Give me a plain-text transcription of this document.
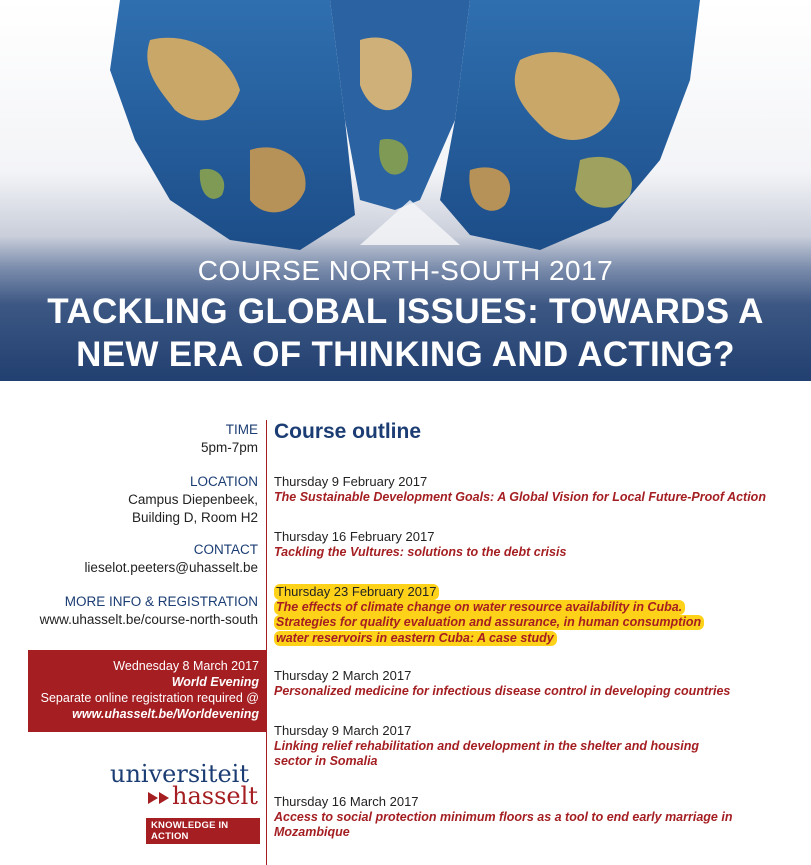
COURSE NORTH-SOUTH 2017
TACKLING GLOBAL ISSUES: TOWARDS A
NEW ERA OF THINKING AND ACTING?
TIME
5pm-7pm
LOCATION
Campus Diepenbeek,
Building D, Room H2
CONTACT
lieselot.peeters@uhasselt.be
MORE INFO & REGISTRATION
www.uhasselt.be/course-north-south
Wednesday 8 March 2017
World Evening
Separate online registration required @
www.uhasselt.be/Worldevening
universiteit
hasselt
KNOWLEDGE IN ACTION
Course outline
Thursday 9 February 2017
The Sustainable Development Goals: A Global Vision for Local Future-Proof Action
Thursday 16 February 2017
Tackling the Vultures: solutions to the debt crisis
Thursday 23 February 2017
The effects of climate change on water resource availability in Cuba.
Strategies for quality evaluation and assurance, in human consumption
water reservoirs in eastern Cuba: A case study
Thursday 2 March 2017
Personalized medicine for infectious disease control in developing countries
Thursday 9 March 2017
Linking relief rehabilitation and development in the shelter and housing
sector in Somalia
Thursday 16 March 2017
Access to social protection minimum floors as a tool to end early marriage in
Mozambique
